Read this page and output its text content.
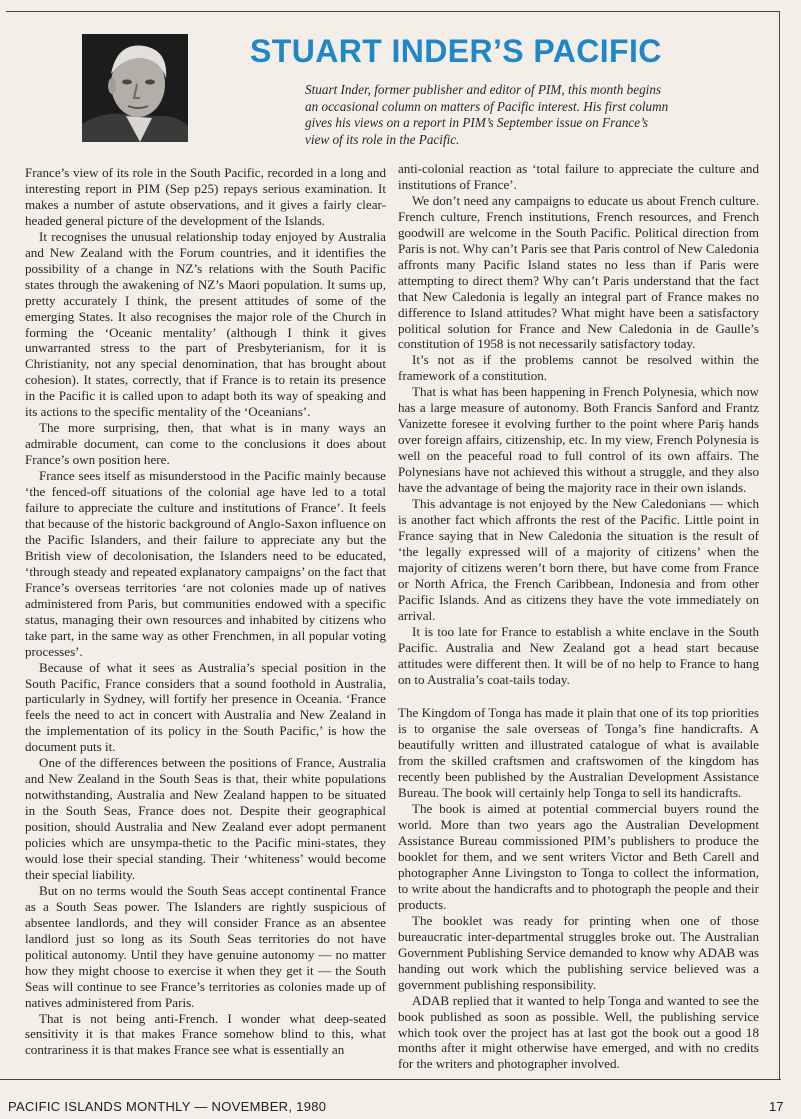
STUART INDER’S PACIFIC
Stuart Inder, former publisher and editor of PIM, this month begins an occasional column on matters of Pacific interest. His first column gives his views on a report in PIM’s September issue on France’s view of its role in the Pacific.

France’s view of its role in the South Pacific, recorded in a long and interesting report in PIM (Sep p25) repays serious examination. It makes a number of astute observations, and it gives a fairly clear-headed general picture of the development of the Islands.

It recognises the unusual relationship today enjoyed by Australia and New Zealand with the Forum countries, and it identifies the possibility of a change in NZ’s relations with the South Pacific states through the awakening of NZ’s Maori population. It sums up, pretty accurately I think, the present attitudes of some of the emerging States. It also recognises the major role of the Church in forming the ‘Oceanic mentality’ (although I think it gives unwarranted stress to the part of Presbyterianism, for it is Christianity, not any special denomination, that has brought about cohesion). It states, correctly, that if France is to retain its presence in the Pacific it is called upon to adapt both its way of speaking and its actions to the specific mentality of the ‘Oceanians’.

The more surprising, then, that what is in many ways an admirable document, can come to the conclusions it does about France’s own position here.

France sees itself as misunderstood in the Pacific mainly because ‘the fenced-off situations of the colonial age have led to a total failure to appreciate the culture and institutions of France’. It feels that because of the historic background of Anglo-Saxon influence on the Pacific Islanders, and their failure to appreciate any but the British view of decolonisation, the Islanders need to be educated, ‘through steady and repeated explanatory campaigns’ on the fact that France’s overseas territories ‘are not colonies made up of natives administered from Paris, but communities endowed with a specific status, managing their own resources and inhabited by citizens who take part, in the same way as other Frenchmen, in all popular voting processes’.

Because of what it sees as Australia’s special position in the South Pacific, France considers that a sound foothold in Australia, particularly in Sydney, will fortify her presence in Oceania. ‘France feels the need to act in concert with Australia and New Zealand in the implementation of its policy in the South Pacific,’ is how the document puts it.

One of the differences between the positions of France, Australia and New Zealand in the South Seas is that, their white populations notwithstanding, Australia and New Zealand happen to be situated in the South Seas, France does not. Despite their geographical position, should Australia and New Zealand ever adopt permanent policies which are unsympa-thetic to the Pacific mini-states, they would lose their special standing. Their ‘whiteness’ would become their special liability.

But on no terms would the South Seas accept continental France as a South Seas power. The Islanders are rightly suspicious of absentee landlords, and they will consider France as an absentee landlord just so long as its South Seas territories do not have political autonomy. Until they have genuine autonomy — no matter how they might choose to exercise it when they get it — the South Seas will continue to see France’s territories as colonies made up of natives administered from Paris.

That is not being anti-French. I wonder what deep-seated sensitivity it is that makes France somehow blind to this, what contrariness it is that makes France see what is essentially an

anti-colonial reaction as ‘total failure to appreciate the culture and institutions of France’.

We don’t need any campaigns to educate us about French culture. French culture, French institutions, French resources, and French goodwill are welcome in the South Pacific. Political direction from Paris is not. Why can’t Paris see that Paris control of New Caledonia affronts many Pacific Island states no less than if Paris were attempting to direct them? Why can’t Paris understand that the fact that New Caledonia is legally an integral part of France makes no difference to Island attitudes? What might have been a satisfactory political solution for France and New Caledonia in de Gaulle’s constitution of 1958 is not necessarily satisfactory today.

It’s not as if the problems cannot be resolved within the framework of a constitution.

That is what has been happening in French Polynesia, which now has a large measure of autonomy. Both Francis Sanford and Frantz Vanizette foresee it evolving further to the point where Pariş hands over foreign affairs, citizenship, etc. In my view, French Polynesia is well on the peaceful road to full control of its own affairs. The Polynesians have not achieved this without a struggle, and they also have the advantage of being the majority race in their own islands.

This advantage is not enjoyed by the New Caledonians — which is another fact which affronts the rest of the Pacific. Little point in France saying that in New Caledonia the situation is the result of ‘the legally expressed will of a majority of citizens’ when the majority of citizens weren’t born there, but have come from France or North Africa, the French Caribbean, Indonesia and from other Pacific Islands. And as citizens they have the vote immediately on arrival.

It is too late for France to establish a white enclave in the South Pacific. Australia and New Zealand got a head start because attitudes were different then. It will be of no help to France to hang on to Australia’s coat-tails today.

The Kingdom of Tonga has made it plain that one of its top priorities is to organise the sale overseas of Tonga’s fine handicrafts. A beautifully written and illustrated catalogue of what is available from the skilled craftsmen and craftswomen of the kingdom has recently been published by the Australian Development Assistance Bureau. The book will certainly help Tonga to sell its handicrafts.

The book is aimed at potential commercial buyers round the world. More than two years ago the Australian Development Assistance Bureau commissioned PIM’s publishers to produce the booklet for them, and we sent writers Victor and Beth Carell and photographer Anne Livingston to Tonga to collect the information, to write about the handicrafts and to photograph the people and their products.

The booklet was ready for printing when one of those bureaucratic inter-departmental struggles broke out. The Australian Government Publishing Service demanded to know why ADAB was handing out work which the publishing service believed was a government publishing responsibility.

ADAB replied that it wanted to help Tonga and wanted to see the book published as soon as possible. Well, the publishing service which took over the project has at last got the book out a good 18 months after it might otherwise have emerged, and with no credits for the writers and photographer involved.

PACIFIC ISLANDS MONTHLY — NOVEMBER, 1980	17
